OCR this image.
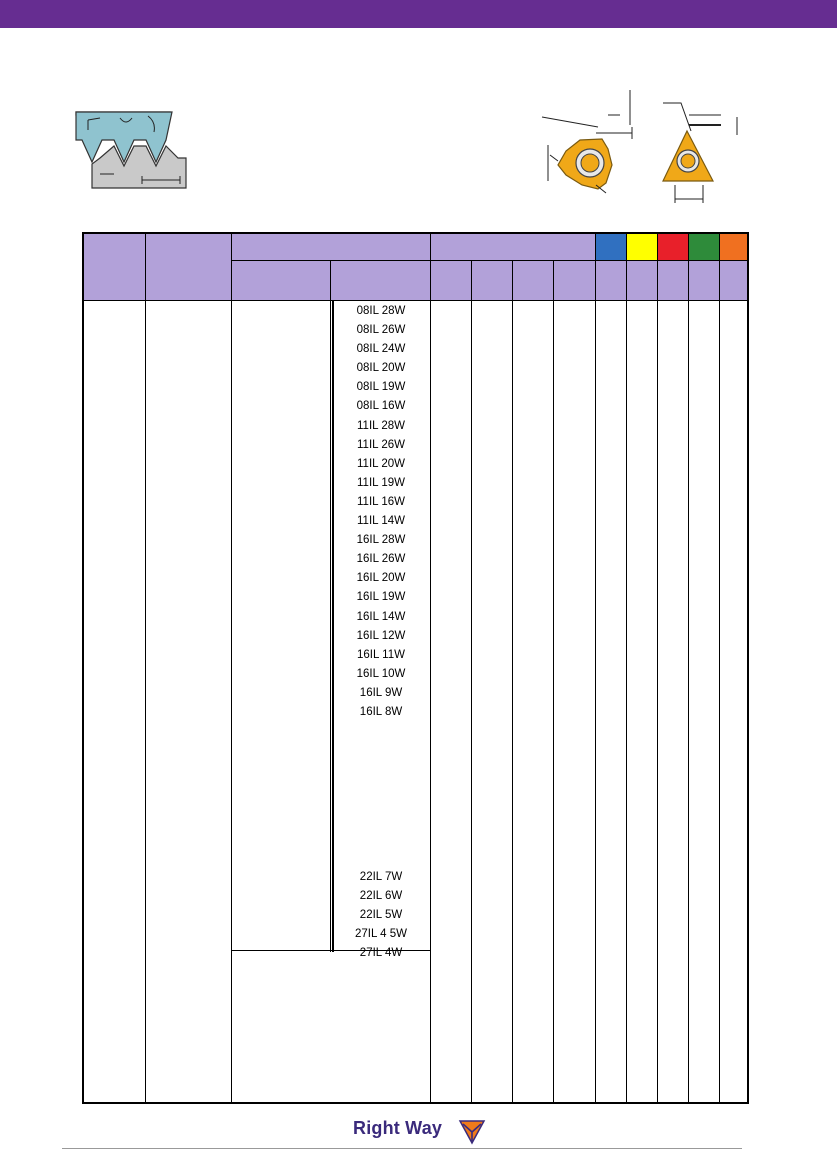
08IL 28W
08IL 26W
08IL 24W
08IL 20W
08IL 19W
08IL 16W
11IL 28W
11IL 26W
11IL 20W
11IL 19W
11IL 16W
11IL 14W
16IL 28W
16IL 26W
16IL 20W
16IL 19W
16IL 14W
16IL 12W
16IL 11W
16IL 10W
16IL 9W
16IL 8W
22IL 7W
22IL 6W
22IL 5W
27IL 4 5W
27IL 4W
Right Way
